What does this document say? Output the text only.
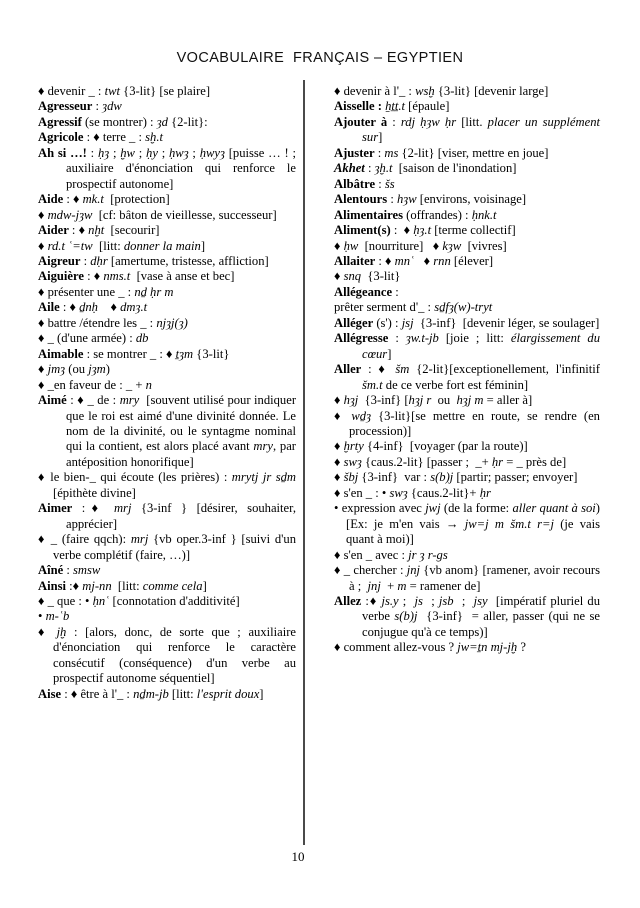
VOCABULAIRE  FRANÇAIS – EGYPTIEN

♦ devenir _ : twt {3-lit} [se plaire]

Agresseur : ȝdw

Agressif (se montrer) : ȝd {2-lit}:

Agricole : ♦ terre _ : sḫ.t

Ah si …! : ḥȝ ; ḫw ; ḥy ; ḥwȝ ; ḥwyȝ [puisse … ! ; auxiliaire d'énonciation qui renforce le prospectif autonome]

Aide : ♦ mk.t  [protection]

♦ mdw-jȝw  [cf: bâton de vieillesse, successeur]

Aider : ♦ nḫt  [secourir]

♦ rd.t ʿ=tw  [litt: donner la main]

Aigreur : dḥr [amertume, tristesse, affliction]

Aiguière : ♦ nms.t  [vase à anse et bec]

♦ présenter une _ : nḏ ḥr m

Aile : ♦ ḏnḥ    ♦ dmȝ.t

♦ battre /étendre les _ : njȝj(ȝ)

♦ _ (d'une armée) : db

Aimable : se montrer _ : ♦ ṯȝm {3-lit}

♦ jmȝ (ou jȝm)

♦ _en faveur de : _ + n

Aimé : ♦ _ de : mry  [souvent utilisé pour indiquer que le roi est aimé d'une divinité donnée. Le nom de la divinité, ou le syntagme nominal qui la contient, est alors placé avant mry, par antéposition honorifique]

♦ le bien-_ qui écoute (les prières) : mrytj jr sḏm [épithète divine]

Aimer :♦ mrj {3-inf } [désirer, souhaiter, apprécier]

♦ _ (faire qqch): mrj {vb oper.3-inf } [suivi d'un verbe complétif (faire, …)]

Aîné : smsw

Ainsi :♦ mj-nn  [litt: comme cela]

♦ _ que : • ḥnʿ [connotation d'additivité]

• m-ʿb

♦ jḫ : [alors, donc, de sorte que ; auxiliaire d'énonciation qui renforce le caractère consécutif (conséquence) d'un verbe au prospectif autonome séquentiel]

Aise : ♦ être à l'_ : nḏm-jb [litt: l'esprit doux]

♦ devenir à l'_ : wsḫ {3-lit} [devenir large]

Aisselle : ẖṯṯ.t [épaule]

Ajouter à : rdj ḥȝw ḥr [litt. placer un supplément sur]

Ajuster : ms {2-lit} [viser, mettre en joue]

Akhet : ȝḫ.t  [saison de l'inondation]

Albâtre : šs

Alentours : hȝw [environs, voisinage]

Alimentaires (offrandes) : ḥnk.t

Aliment(s) :  ♦ ḥȝ.t [terme collectif]

♦ ḥw  [nourriture]   ♦ kȝw  [vivres]

Allaiter : ♦ mnʿ   ♦ rnn [élever]

♦ snq  {3-lit}

Allégeance :

prêter serment d'_ : sḏfȝ(w)-tryt

Alléger (s') : jsj  {3-inf}  [devenir léger, se soulager]

Allégresse : ȝw.t-jb [joie ; litt: élargissement du cœur]

Aller : ♦ šm {2-lit}[exceptionellement, l'infinitif šm.t de ce verbe fort est féminin]

♦ hȝj  {3-inf} [hȝj r  ou  hȝj m = aller à]

♦ wḏȝ {3-lit}[se mettre en route, se rendre (en procession)]

♦ ḫrty {4-inf}  [voyager (par la route)]

♦ swȝ {caus.2-lit} [passer ;  _+ ḥr = _ près de]

♦ šbj {3-inf}  var : s(b)j [partir; passer; envoyer]

♦ s'en _ : • swȝ {caus.2-lit}+ ḥr

• expression avec jwj (de la forme: aller quant à soi) [Ex: je m'en vais → jw=j m šm.t r=j (je vais quant à moi)]

♦ s'en _ avec : jr ȝ r-gs

♦ _ chercher : jnj {vb anom} [ramener, avoir recours à ;  jnj  + m = ramener de]

Allez :♦ js.y ;  js  ; jsb  ;  jsy  [impératif pluriel du verbe s(b)j  {3-inf}  = aller, passer (qui ne se conjugue qu'à ce temps)]

♦ comment allez-vous ? jw=ṯn mj-jḫ ?

10
